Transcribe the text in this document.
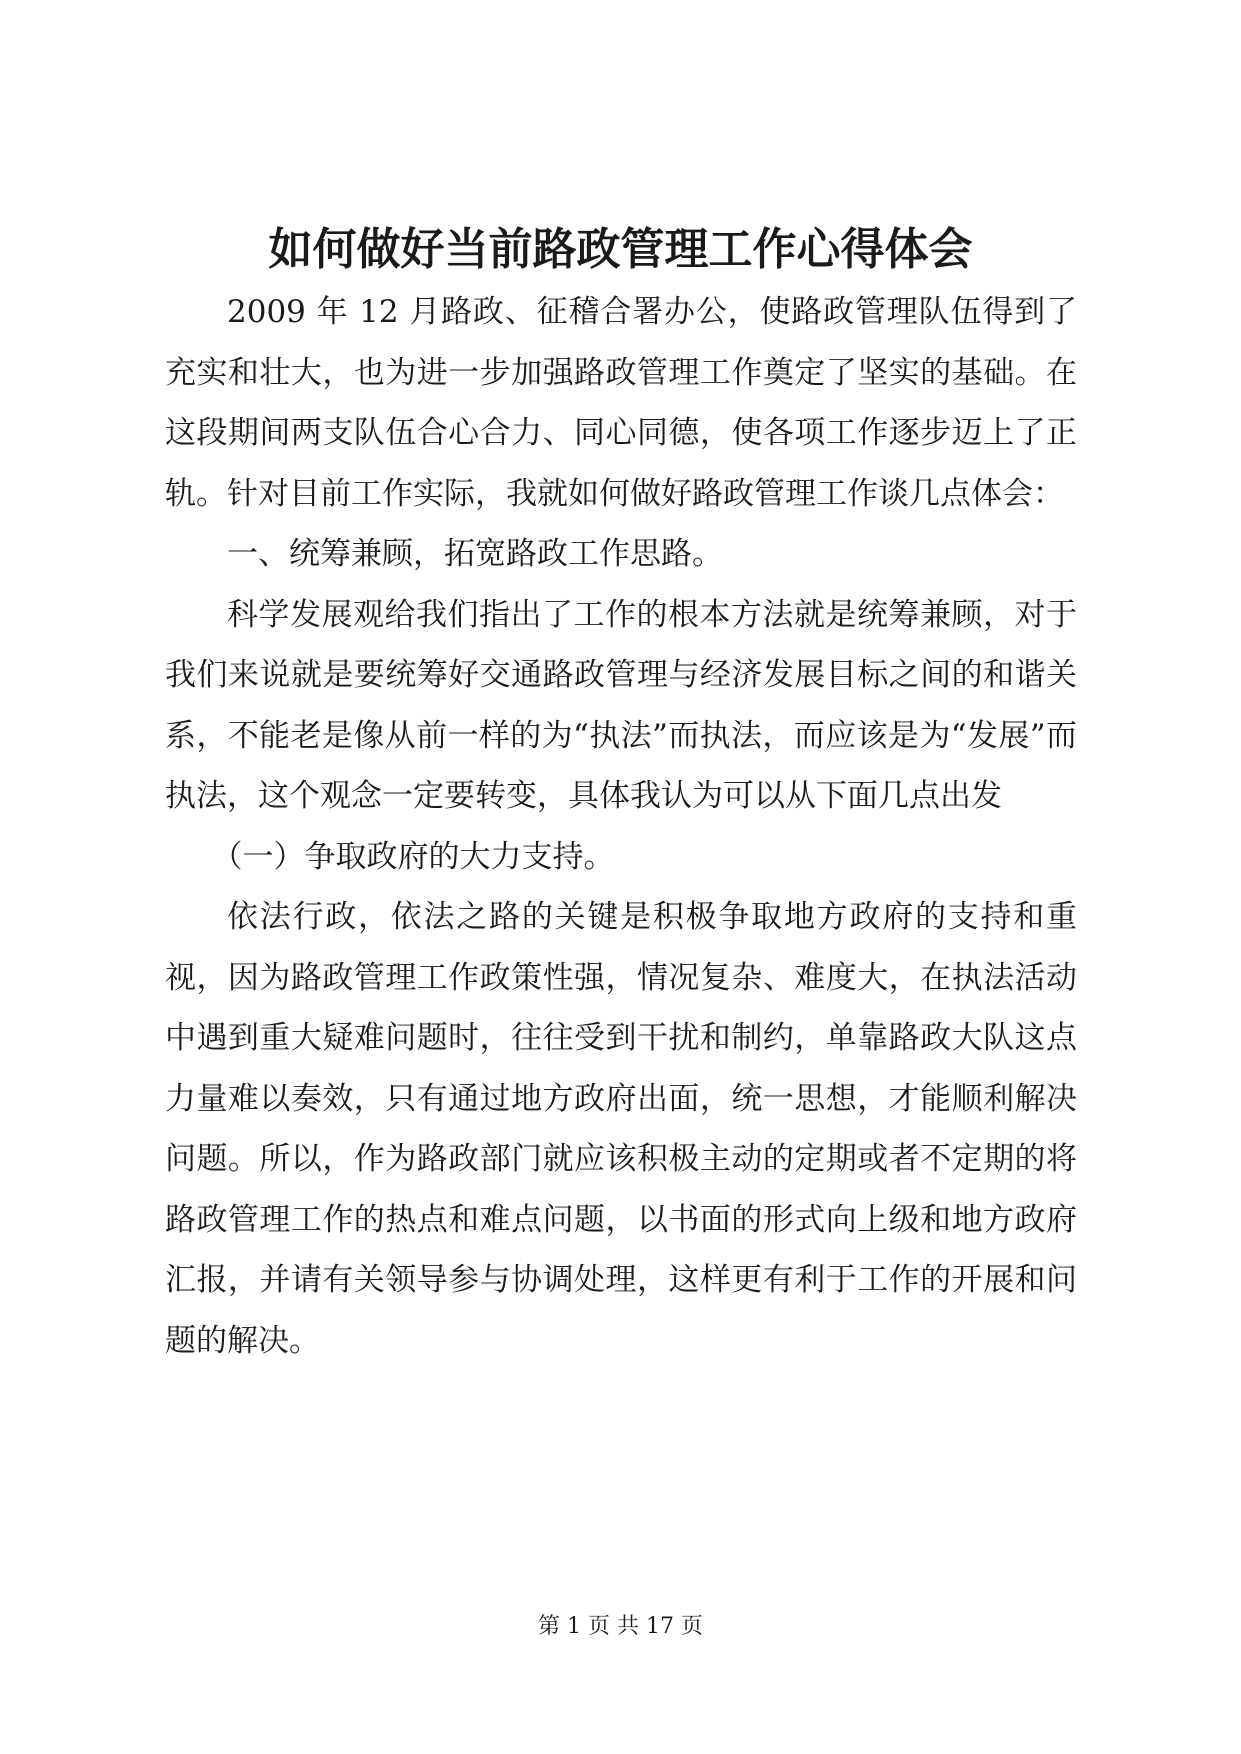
如何做好当前路政管理工作心得体会

2009 年 12 月路政、征稽合署办公，使路政管理队伍得到了充实和壮大，也为进一步加强路政管理工作奠定了坚实的基础。在这段期间两支队伍合心合力、同心同德，使各项工作逐步迈上了正轨。针对目前工作实际，我就如何做好路政管理工作谈几点体会：

一、统筹兼顾，拓宽路政工作思路。

科学发展观给我们指出了工作的根本方法就是统筹兼顾，对于我们来说就是要统筹好交通路政管理与经济发展目标之间的和谐关系，不能老是像从前一样的为“执法”而执法，而应该是为“发展”而执法，这个观念一定要转变，具体我认为可以从下面几点出发

（一）争取政府的大力支持。

依法行政，依法之路的关键是积极争取地方政府的支持和重视，因为路政管理工作政策性强，情况复杂、难度大，在执法活动中遇到重大疑难问题时，往往受到干扰和制约，单靠路政大队这点力量难以奏效，只有通过地方政府出面，统一思想，才能顺利解决问题。所以，作为路政部门就应该积极主动的定期或者不定期的将路政管理工作的热点和难点问题，以书面的形式向上级和地方政府汇报，并请有关领导参与协调处理，这样更有利于工作的开展和问题的解决。

第 1 页 共 17 页
